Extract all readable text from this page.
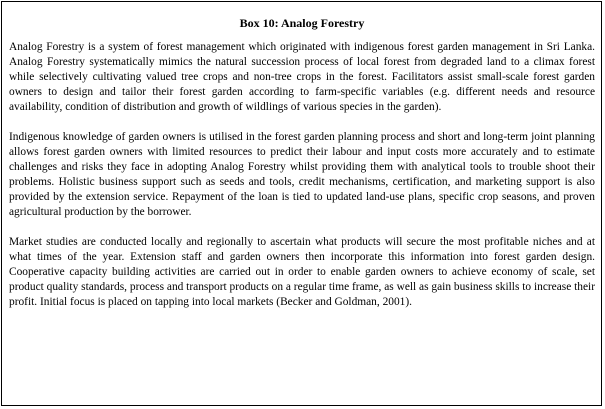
Box 10: Analog Forestry

Analog Forestry is a system of forest management which originated with indigenous forest garden management in Sri Lanka. Analog Forestry systematically mimics the natural succession process of local forest from degraded land to a climax forest while selectively cultivating valued tree crops and non-tree crops in the forest. Facilitators assist small-scale forest garden owners to design and tailor their forest garden according to farm-specific variables (e.g. different needs and resource availability, condition of distribution and growth of wildlings of various species in the garden).

Indigenous knowledge of garden owners is utilised in the forest garden planning process and short and long-term joint planning allows forest garden owners with limited resources to predict their labour and input costs more accurately and to estimate challenges and risks they face in adopting Analog Forestry whilst providing them with analytical tools to trouble shoot their problems. Holistic business support such as seeds and tools, credit mechanisms, certification, and marketing support is also provided by the extension service. Repayment of the loan is tied to updated land-use plans, specific crop seasons, and proven agricultural production by the borrower.

Market studies are conducted locally and regionally to ascertain what products will secure the most profitable niches and at what times of the year. Extension staff and garden owners then incorporate this information into forest garden design. Cooperative capacity building activities are carried out in order to enable garden owners to achieve economy of scale, set product quality standards, process and transport products on a regular time frame, as well as gain business skills to increase their profit. Initial focus is placed on tapping into local markets (Becker and Goldman, 2001).
